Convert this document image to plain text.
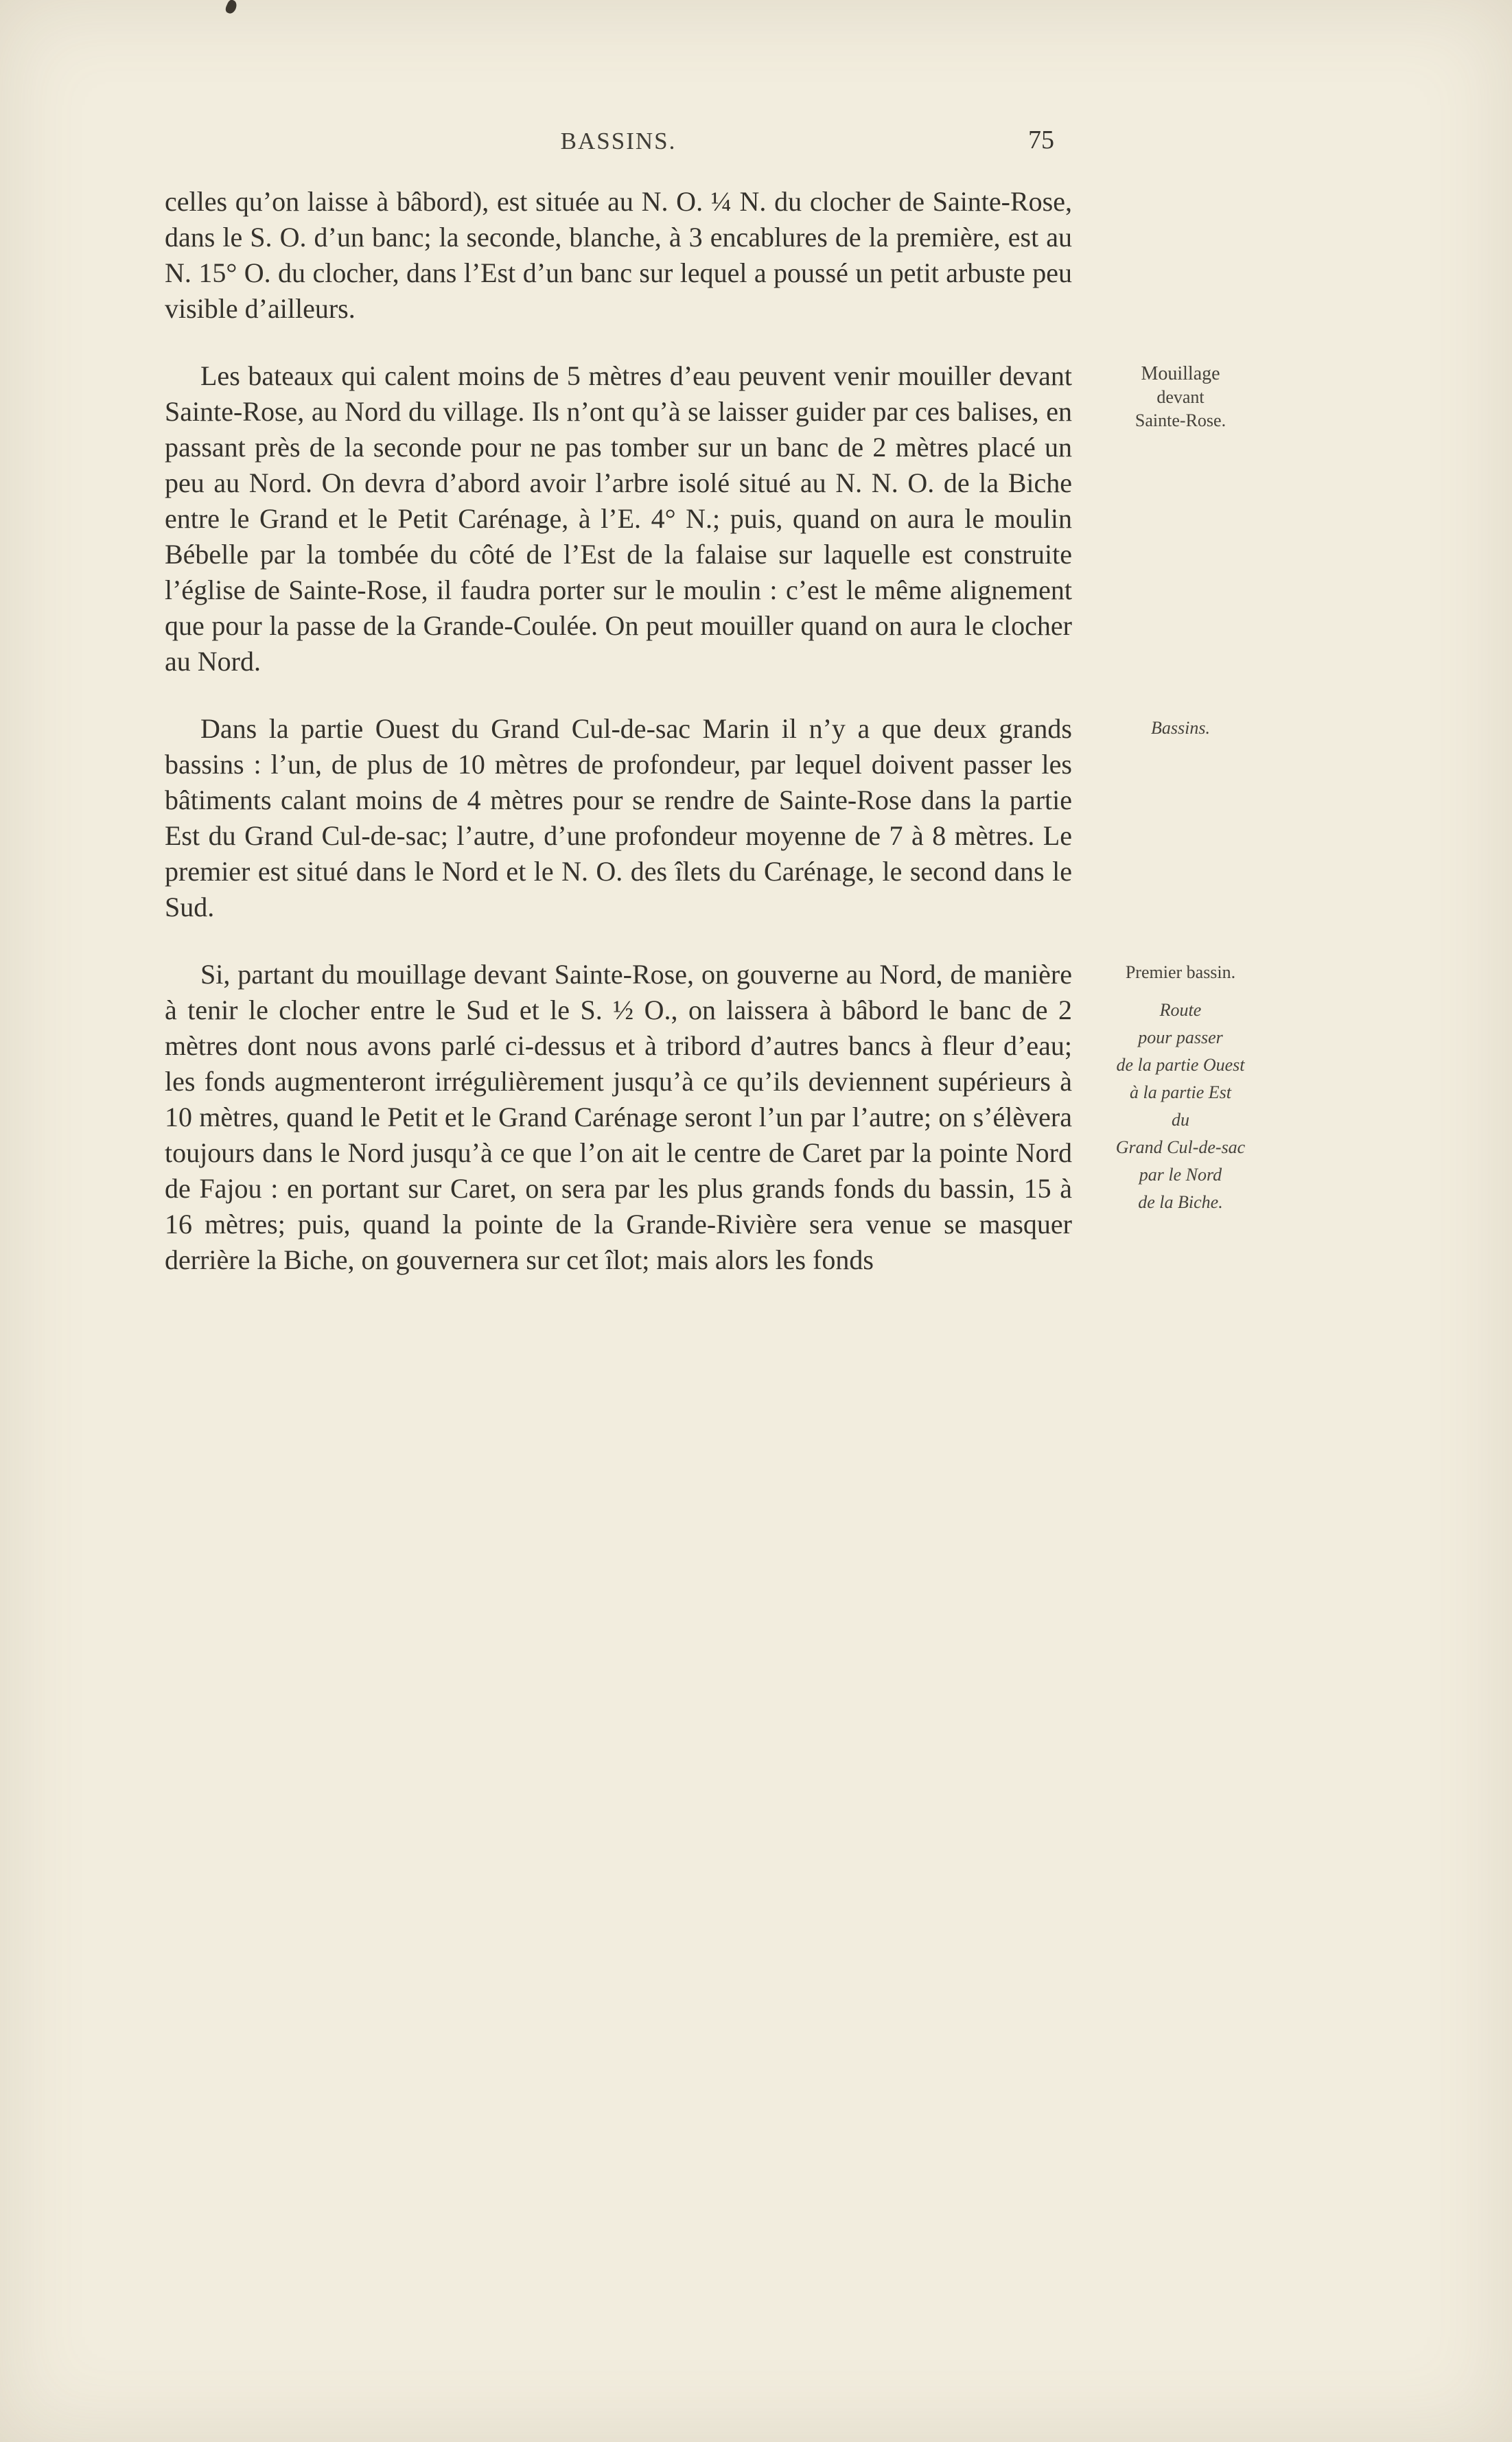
BASSINS.	75

celles qu’on laisse à bâbord), est située au N. O. ¼ N. du clocher de Sainte-Rose, dans le S. O. d’un banc; la seconde, blanche, à 3 encablures de la première, est au N. 15° O. du clocher, dans l’Est d’un banc sur lequel a poussé un petit arbuste peu visible d’ailleurs.

Les bateaux qui calent moins de 5 mètres d’eau peuvent venir mouiller devant Sainte-Rose, au Nord du village. Ils n’ont qu’à se laisser guider par ces balises, en passant près de la seconde pour ne pas tomber sur un banc de 2 mètres placé un peu au Nord. On devra d’abord avoir l’arbre isolé situé au N. N. O. de la Biche entre le Grand et le Petit Carénage, à l’E. 4° N.; puis, quand on aura le moulin Bébelle par la tombée du côté de l’Est de la falaise sur laquelle est construite l’église de Sainte-Rose, il faudra porter sur le moulin : c’est le même alignement que pour la passe de la Grande-Coulée. On peut mouiller quand on aura le clocher au Nord.

Mouillage
devant
Sainte-Rose.

Dans la partie Ouest du Grand Cul-de-sac Marin il n’y a que deux grands bassins : l’un, de plus de 10 mètres de profondeur, par lequel doivent passer les bâtiments calant moins de 4 mètres pour se rendre de Sainte-Rose dans la partie Est du Grand Cul-de-sac; l’autre, d’une profondeur moyenne de 7 à 8 mètres. Le premier est situé dans le Nord et le N. O. des îlets du Carénage, le second dans le Sud.

Bassins.

Si, partant du mouillage devant Sainte-Rose, on gouverne au Nord, de manière à tenir le clocher entre le Sud et le S. ½ O., on laissera à bâbord le banc de 2 mètres dont nous avons parlé ci-dessus et à tribord d’autres bancs à fleur d’eau; les fonds augmenteront irrégulièrement jusqu’à ce qu’ils deviennent supérieurs à 10 mètres, quand le Petit et le Grand Carénage seront l’un par l’autre; on s’élèvera toujours dans le Nord jusqu’à ce que l’on ait le centre de Caret par la pointe Nord de Fajou : en portant sur Caret, on sera par les plus grands fonds du bassin, 15 à 16 mètres; puis, quand la pointe de la Grande-Rivière sera venue se masquer derrière la Biche, on gouvernera sur cet îlot; mais alors les fonds

Premier bassin.
Route
pour passer
de la partie Ouest
à la partie Est
du
Grand Cul-de-sac
par le Nord
de la Biche.
